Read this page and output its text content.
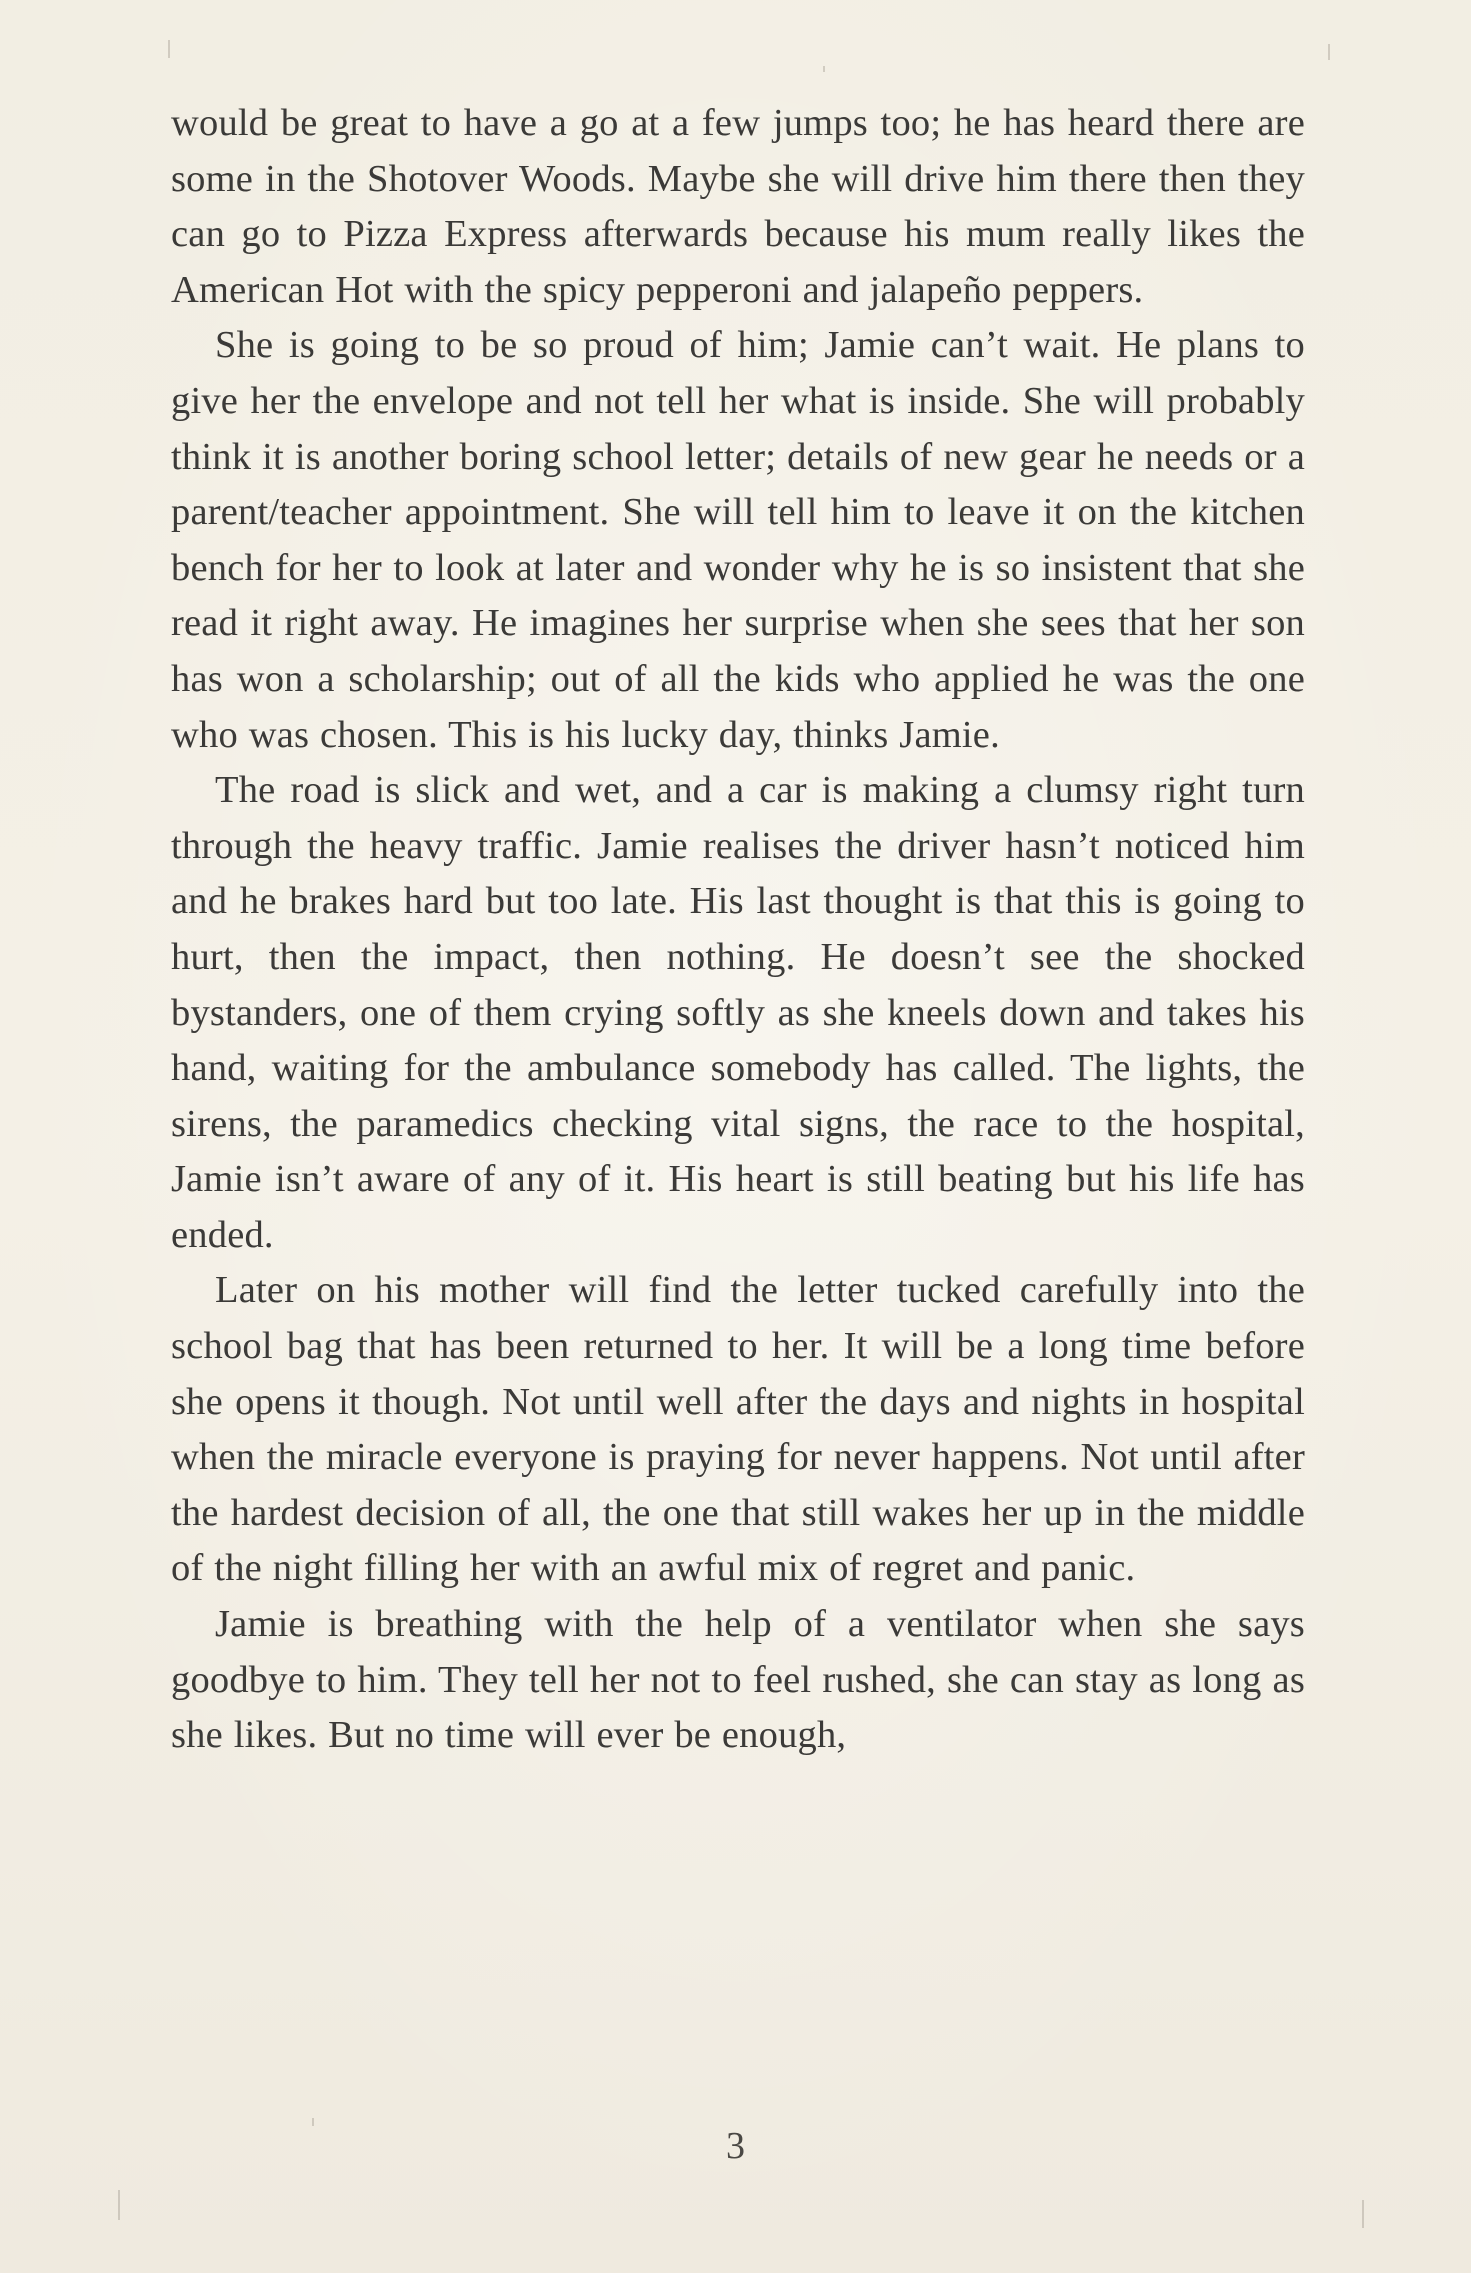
would be great to have a go at a few jumps too; he has heard there are some in the Shotover Woods. Maybe she will drive him there then they can go to Pizza Express afterwards because his mum really likes the American Hot with the spicy pepperoni and jalapeño peppers.

She is going to be so proud of him; Jamie can’t wait. He plans to give her the envelope and not tell her what is inside. She will probably think it is another boring school letter; details of new gear he needs or a parent/teacher appointment. She will tell him to leave it on the kitchen bench for her to look at later and wonder why he is so insistent that she read it right away. He imagines her surprise when she sees that her son has won a scholarship; out of all the kids who applied he was the one who was chosen. This is his lucky day, thinks Jamie.

The road is slick and wet, and a car is making a clumsy right turn through the heavy traffic. Jamie realises the driver hasn’t noticed him and he brakes hard but too late. His last thought is that this is going to hurt, then the impact, then nothing. He doesn’t see the shocked bystanders, one of them crying softly as she kneels down and takes his hand, waiting for the ambulance somebody has called. The lights, the sirens, the paramedics checking vital signs, the race to the hospital, Jamie isn’t aware of any of it. His heart is still beating but his life has ended.

Later on his mother will find the letter tucked carefully into the school bag that has been returned to her. It will be a long time before she opens it though. Not until well after the days and nights in hospital when the miracle everyone is praying for never happens. Not until after the hardest decision of all, the one that still wakes her up in the middle of the night filling her with an awful mix of regret and panic.

Jamie is breathing with the help of a ventilator when she says goodbye to him. They tell her not to feel rushed, she can stay as long as she likes. But no time will ever be enough,

3
